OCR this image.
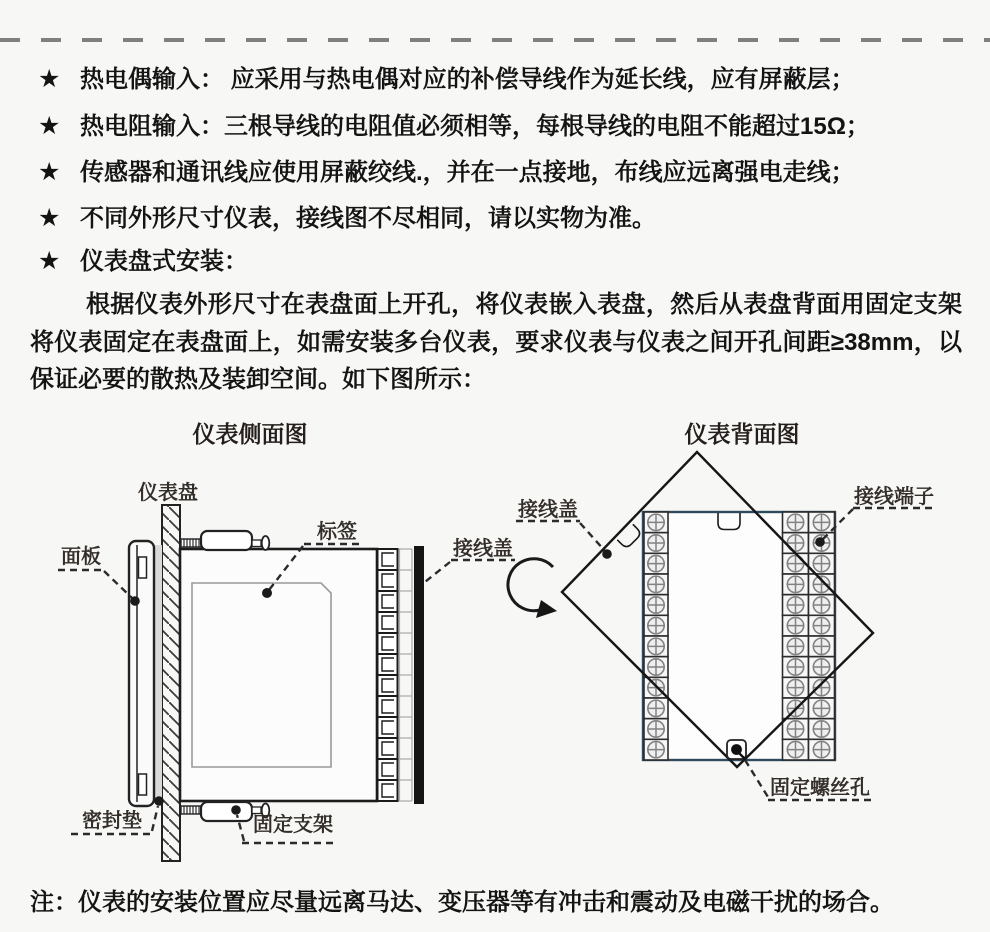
★ 热电偶输入： 应采用与热电偶对应的补偿导线作为延长线，应有屏蔽层；
★ 热电阻输入：三根导线的电阻值必须相等，每根导线的电阻不能超过15Ω；
★ 传感器和通讯线应使用屏蔽绞线.，并在一点接地，布线应远离强电走线；
★ 不同外形尺寸仪表，接线图不尽相同，请以实物为准。
★ 仪表盘式安装：
根据仪表外形尺寸在表盘面上开孔，将仪表嵌入表盘，然后从表盘背面用固定支架将仪表固定在表盘面上，如需安装多台仪表，要求仪表与仪表之间开孔间距≥38mm，以保证必要的散热及装卸空间。如下图所示：
仪表侧面图	仪表背面图
仪表盘
面板
标签
接线盖
密封垫	固定支架
接线盖
接线端子
固定螺丝孔
注：仪表的安装位置应尽量远离马达、变压器等有冲击和震动及电磁干扰的场合。
